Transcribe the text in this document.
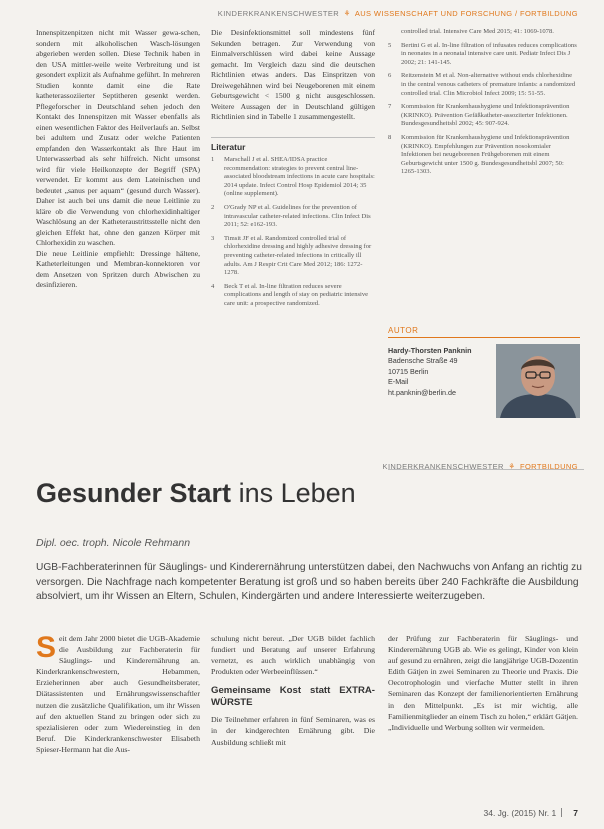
KINDERKRANKENSCHWESTER ⚘ AUS WISSENSCHAFT UND FORSCHUNG / FORTBILDUNG

Innenspitzenpitzen nicht mit Wasser gewa-schen, sondern mit alkoholischen Wasch-lösungen abgerieben werden sollen. Diese Technik haben in den USA mittler-weile weite Verbreitung und ist gesondert explizit als Aufnahme geführt. In mehreren Studien konnte damit eine die Rate katheterassoziierter Septitheren gesenkt werden. Pflegeforscher in Deutschland sehen jedoch den Kontakt des Innenspitzen mit Wasser ebenfalls als einen wesentlichen Faktor des Heilverlaufs an. Selbst bei adultem und Zusatz oder welche Patienten empfanden den Wasserkontakt als Ihre Haut im Unterwasserbad als sehr hilfreich. Nicht umsonst wird für viele Heilkonzepte der Begriff (SPA) verwendet. Er kommt aus dem Lateinischen und bedeutet „sanus per aquam“ (gesund durch Wasser). Daher ist auch bei uns damit die neue Leitlinie zu kläre ob die Verwendung von chlorhexidinhaltiger Waschlösung an der Katheteraustrittsstelle nicht den gleichen Effekt hat, ohne den ganzen Körper mit Chlorhexidin zu waschen.

Die neue Leitlinie empfiehlt: Dressinge hältene, Katheterleitungen und Membran-konnektoren vor dem Ansetzen von Spritzen durch Abwischen zu desinfizieren.

Die Desinfektionsmittel soll mindestens fünf Sekunden betragen. Zur Verwendung von Einmalverschlüssen wird dabei keine Aussage gemacht. Im Vergleich dazu sind die deutschen Richtlinien etwas anders. Das Einspritzen von Dreiwegehähnen wird bei Neugeborenen mit einem Geburtsgewicht < 1500 g nicht ausgeschlossen. Weitere Aussagen der in Deutschland gültigen Richtlinien sind in Tabelle 1 zusammengestellt.

Literatur
1	Marschall J et al. SHEA/IDSA practice recommendation: strategies to prevent central line-associated bloodstream infections in acute care hospitals: 2014 update. Infect Control Hosp Epidemiol 2014; 35 (online supplement).
2	O'Grady NP et al. Guidelines for the prevention of intravascular catheter-related infections. Clin Infect Dis 2011; 52: e162-193.
3	Timsit JF et al. Randomized controlled trial of chlorhexidine dressing and highly adhesive dressing for preventing catheter-related infections in critically ill adults. Am J Respir Crit Care Med 2012; 186: 1272-1278.
4	Beck T et al. In-line filtration reduces severe complications and length of stay on pediatric intensive care unit: a prospective randomized.
controlled trial. Intensive Care Med 2015; 41: 1069-1078.
5	Bertini G et al. In-line filtration of infusates reduces complications in neonates in a neonatal intensive care unit. Pediatr Infect Dis J 2002; 21: 141-145.
6	Reitzenstein M et al. Non-alternative without ends chlorhexidine in the central venous catheters of premature infants: a randomized controlled trial. Clin Microbiol Infect 2009; 15: 51-55.
7	Kommission für Krankenhaushygiene und Infektionsprävention (KRINKO). Prävention Gefäßkatheter-assoziierter Infektionen. Bundesgesundheitsbl 2002; 45: 907-924.
8	Kommission für Krankenhaushygiene und Infektionsprävention (KRINKO). Empfehlungen zur Prävention nosokomialer Infektionen bei neugeborenen Frühgeborenen mit einem Geburtsgewicht unter 1500 g. Bundesgesundheitsbl 2007; 50: 1265-1303.
AUTOR
Hardy-Thorsten Panknin
Badensche Straße 49
10715 Berlin
E-Mail
ht.panknin@berlin.de
KINDERKRANKENSCHWESTER ⚘ FORTBILDUNG
Gesunder Start ins Leben
Dipl. oec. troph. Nicole Rehmann
UGB-Fachberaterinnen für Säuglings- und Kinderernährung unterstützen dabei, den Nachwuchs von Anfang an richtig zu versorgen. Die Nachfrage nach kompetenter Beratung ist groß und so haben bereits über 240 Fachkräfte die Ausbildung absolviert, um ihr Wissen an Eltern, Schulen, Kindergärten und andere Interessierte weiterzugeben.
S eit dem Jahr 2000 bietet die UGB-Akademie die Ausbildung zur Fachberaterin für Säuglings- und Kinderernährung an. Kinderkrankenschwestern, Hebammen, Erzieherinnen aber auch Gesundheitsberater, Diätassistenten und Ernährungswissenschaftler nutzen die zusätzliche Qualifikation, um ihr Wissen auf den aktuellen Stand zu bringen oder sich zu spezialisieren oder zum Wiedereinstieg in den Beruf. Die Kinderkrankenschwester Elisabeth Spieser-Hermann hat die Aus-

schulung nicht bereut. „Der UGB bildet fachlich fundiert und Beratung auf unserer Erfahrung vernetzt, es auch wirklich unabhängig von Produkten oder Werbeeinflüssen.“

Gemeinsame Kost statt EXTRA-WÜRSTE

Die Teilnehmer erfahren in fünf Seminaren, was es in der kindgerechten Ernährung gibt. Die Ausbildung schließt mit

der Prüfung zur Fachberaterin für Säuglings- und Kinderernährung UGB ab. Wie es gelingt, Kinder von klein auf gesund zu ernähren, zeigt die langjährige UGB-Dozentin Edith Gätjen in zwei Seminaren zu Theorie und Praxis. Die Oecotrophologin und vierfache Mutter stellt in ihren Seminaren das Konzept der familienorientierten Ernährung in den Mittelpunkt. „Es ist mir wichtig, alle Familienmitglieder an einem Tisch zu holen,“ erklärt Gätjen. „Individuelle und Werbung sollten wir vermeiden.

34. Jg. (2015) Nr. 1 7
